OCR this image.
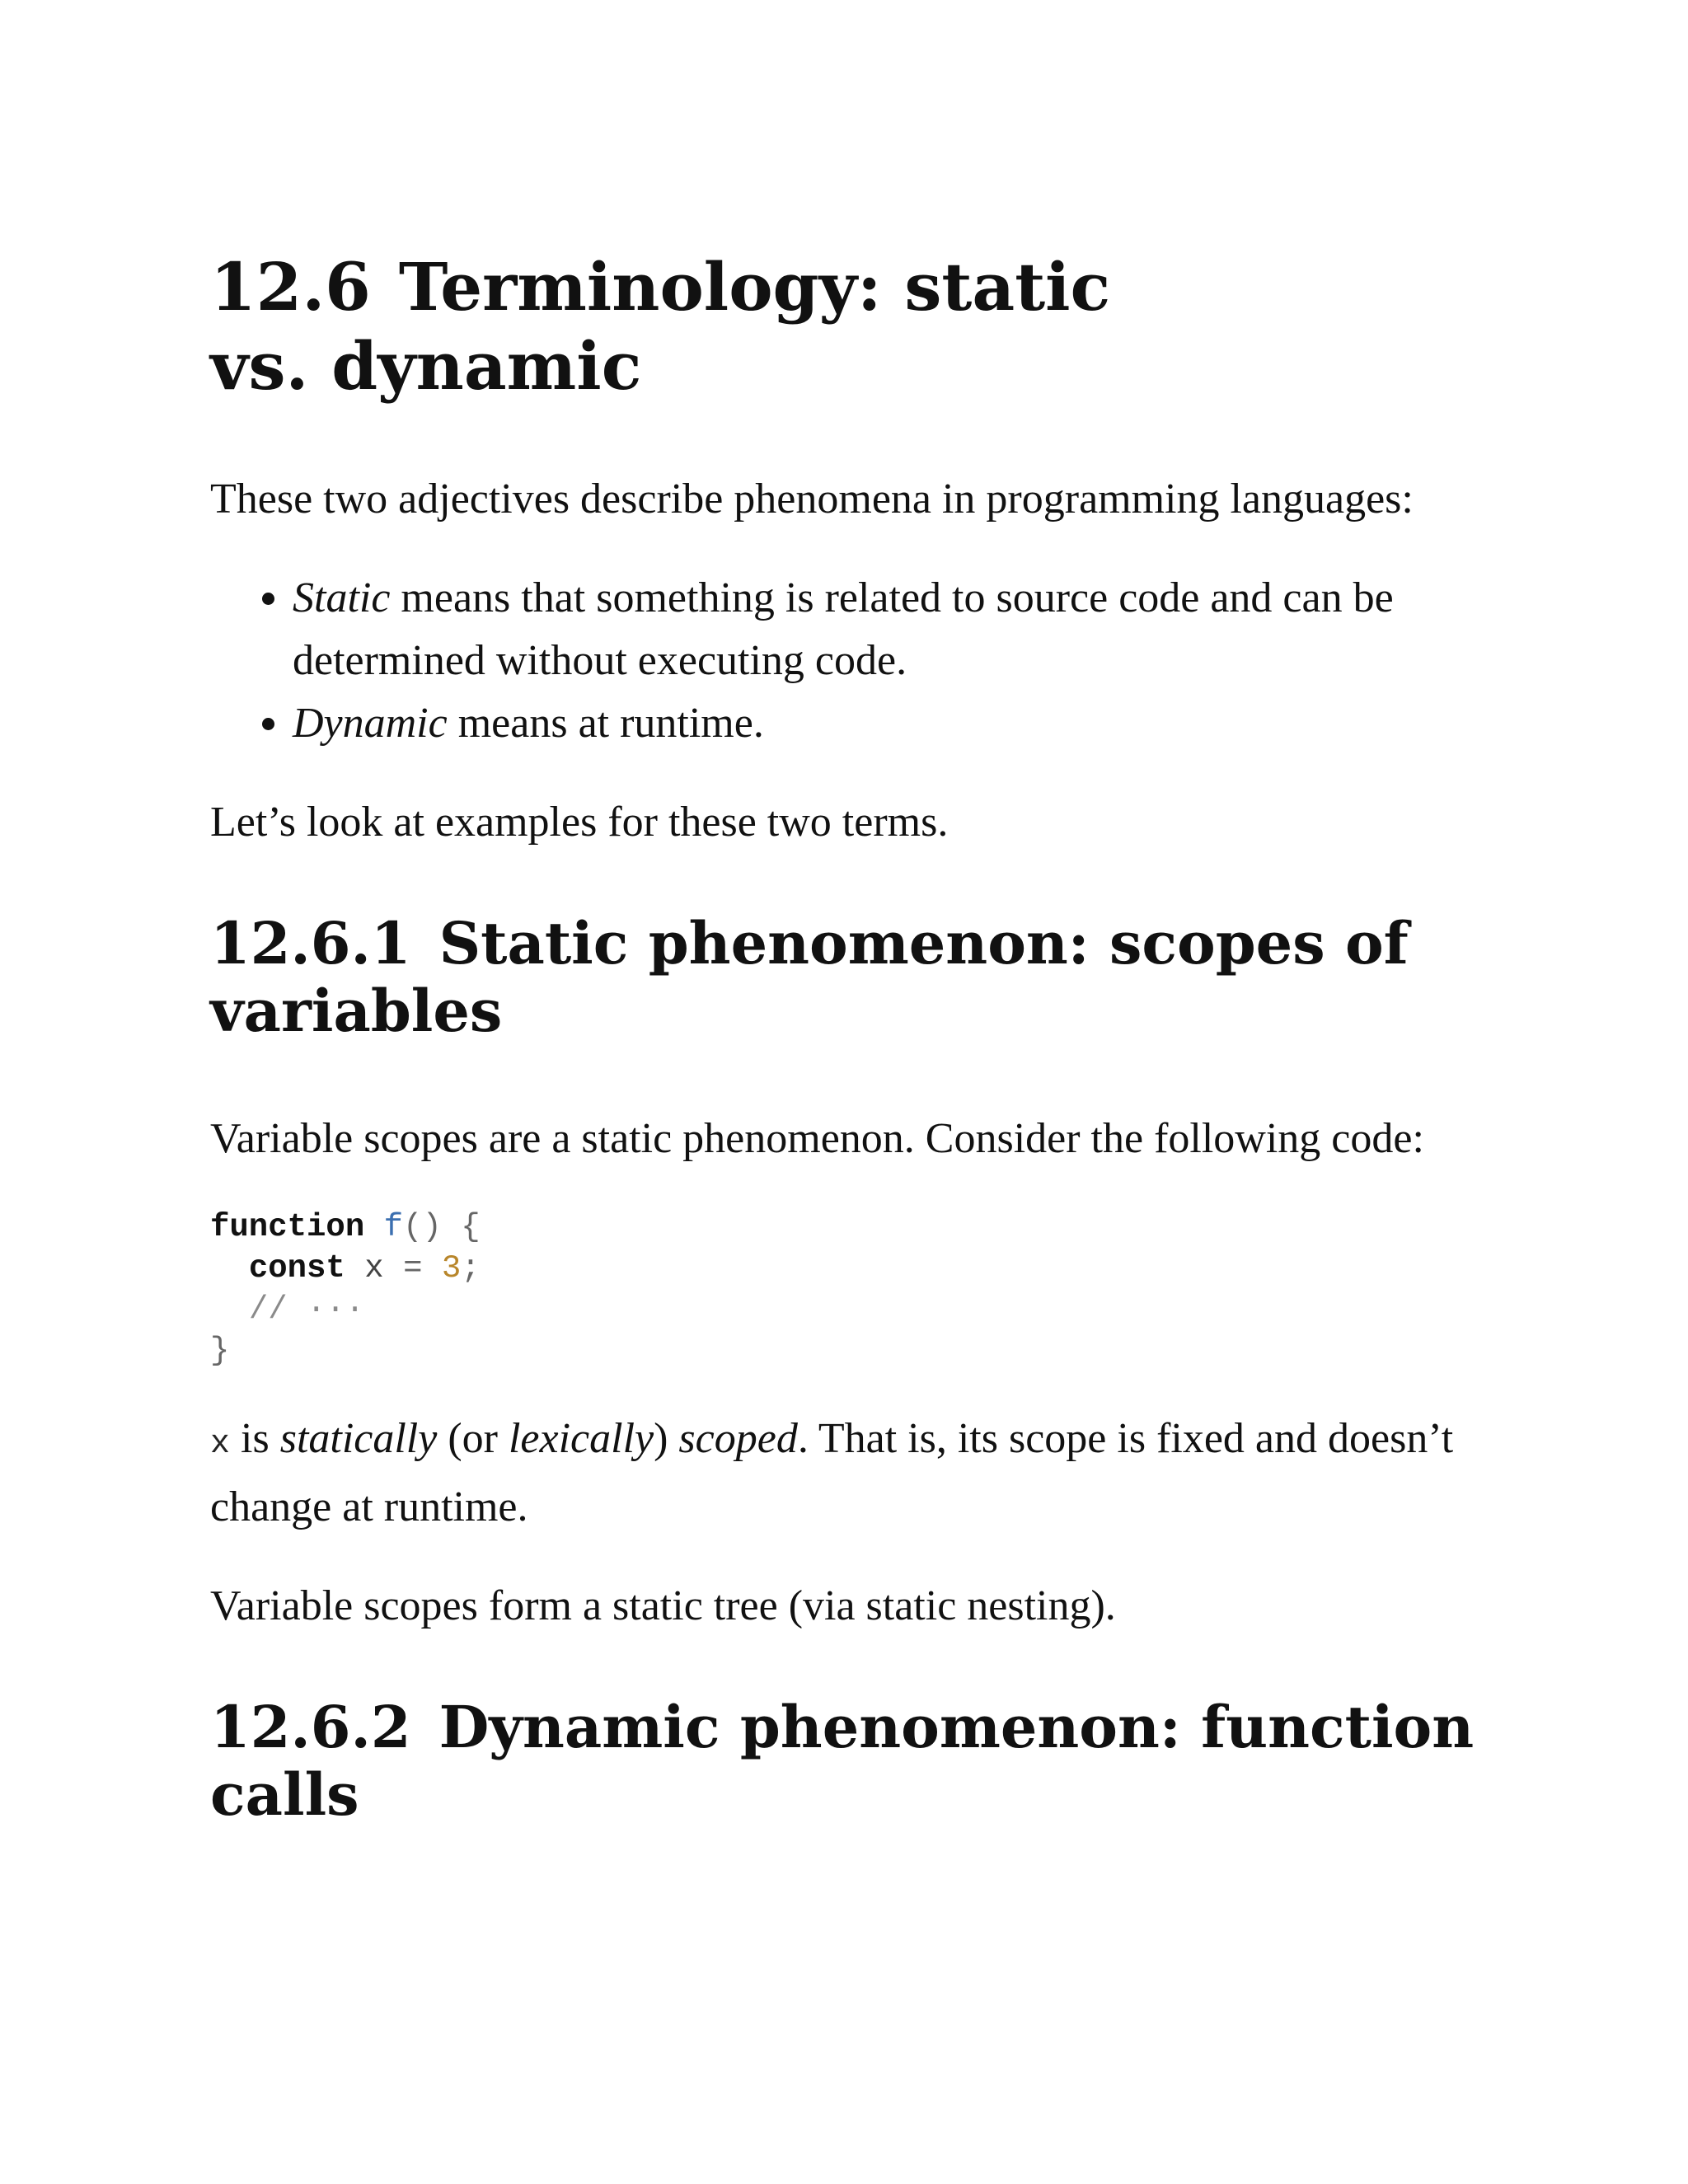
12.6 Terminology: static vs. dynamic

These two adjectives describe phenomena in programming languages:

• Static means that something is related to source code and can be determined without executing code.
• Dynamic means at runtime.

Let’s look at examples for these two terms.

12.6.1 Static phenomenon: scopes of variables

Variable scopes are a static phenomenon. Consider the following code:

function f() {
const x = 3;
// ···
}

x is statically (or lexically) scoped. That is, its scope is fixed and doesn’t change at runtime.

Variable scopes form a static tree (via static nesting).

12.6.2 Dynamic phenomenon: function calls
